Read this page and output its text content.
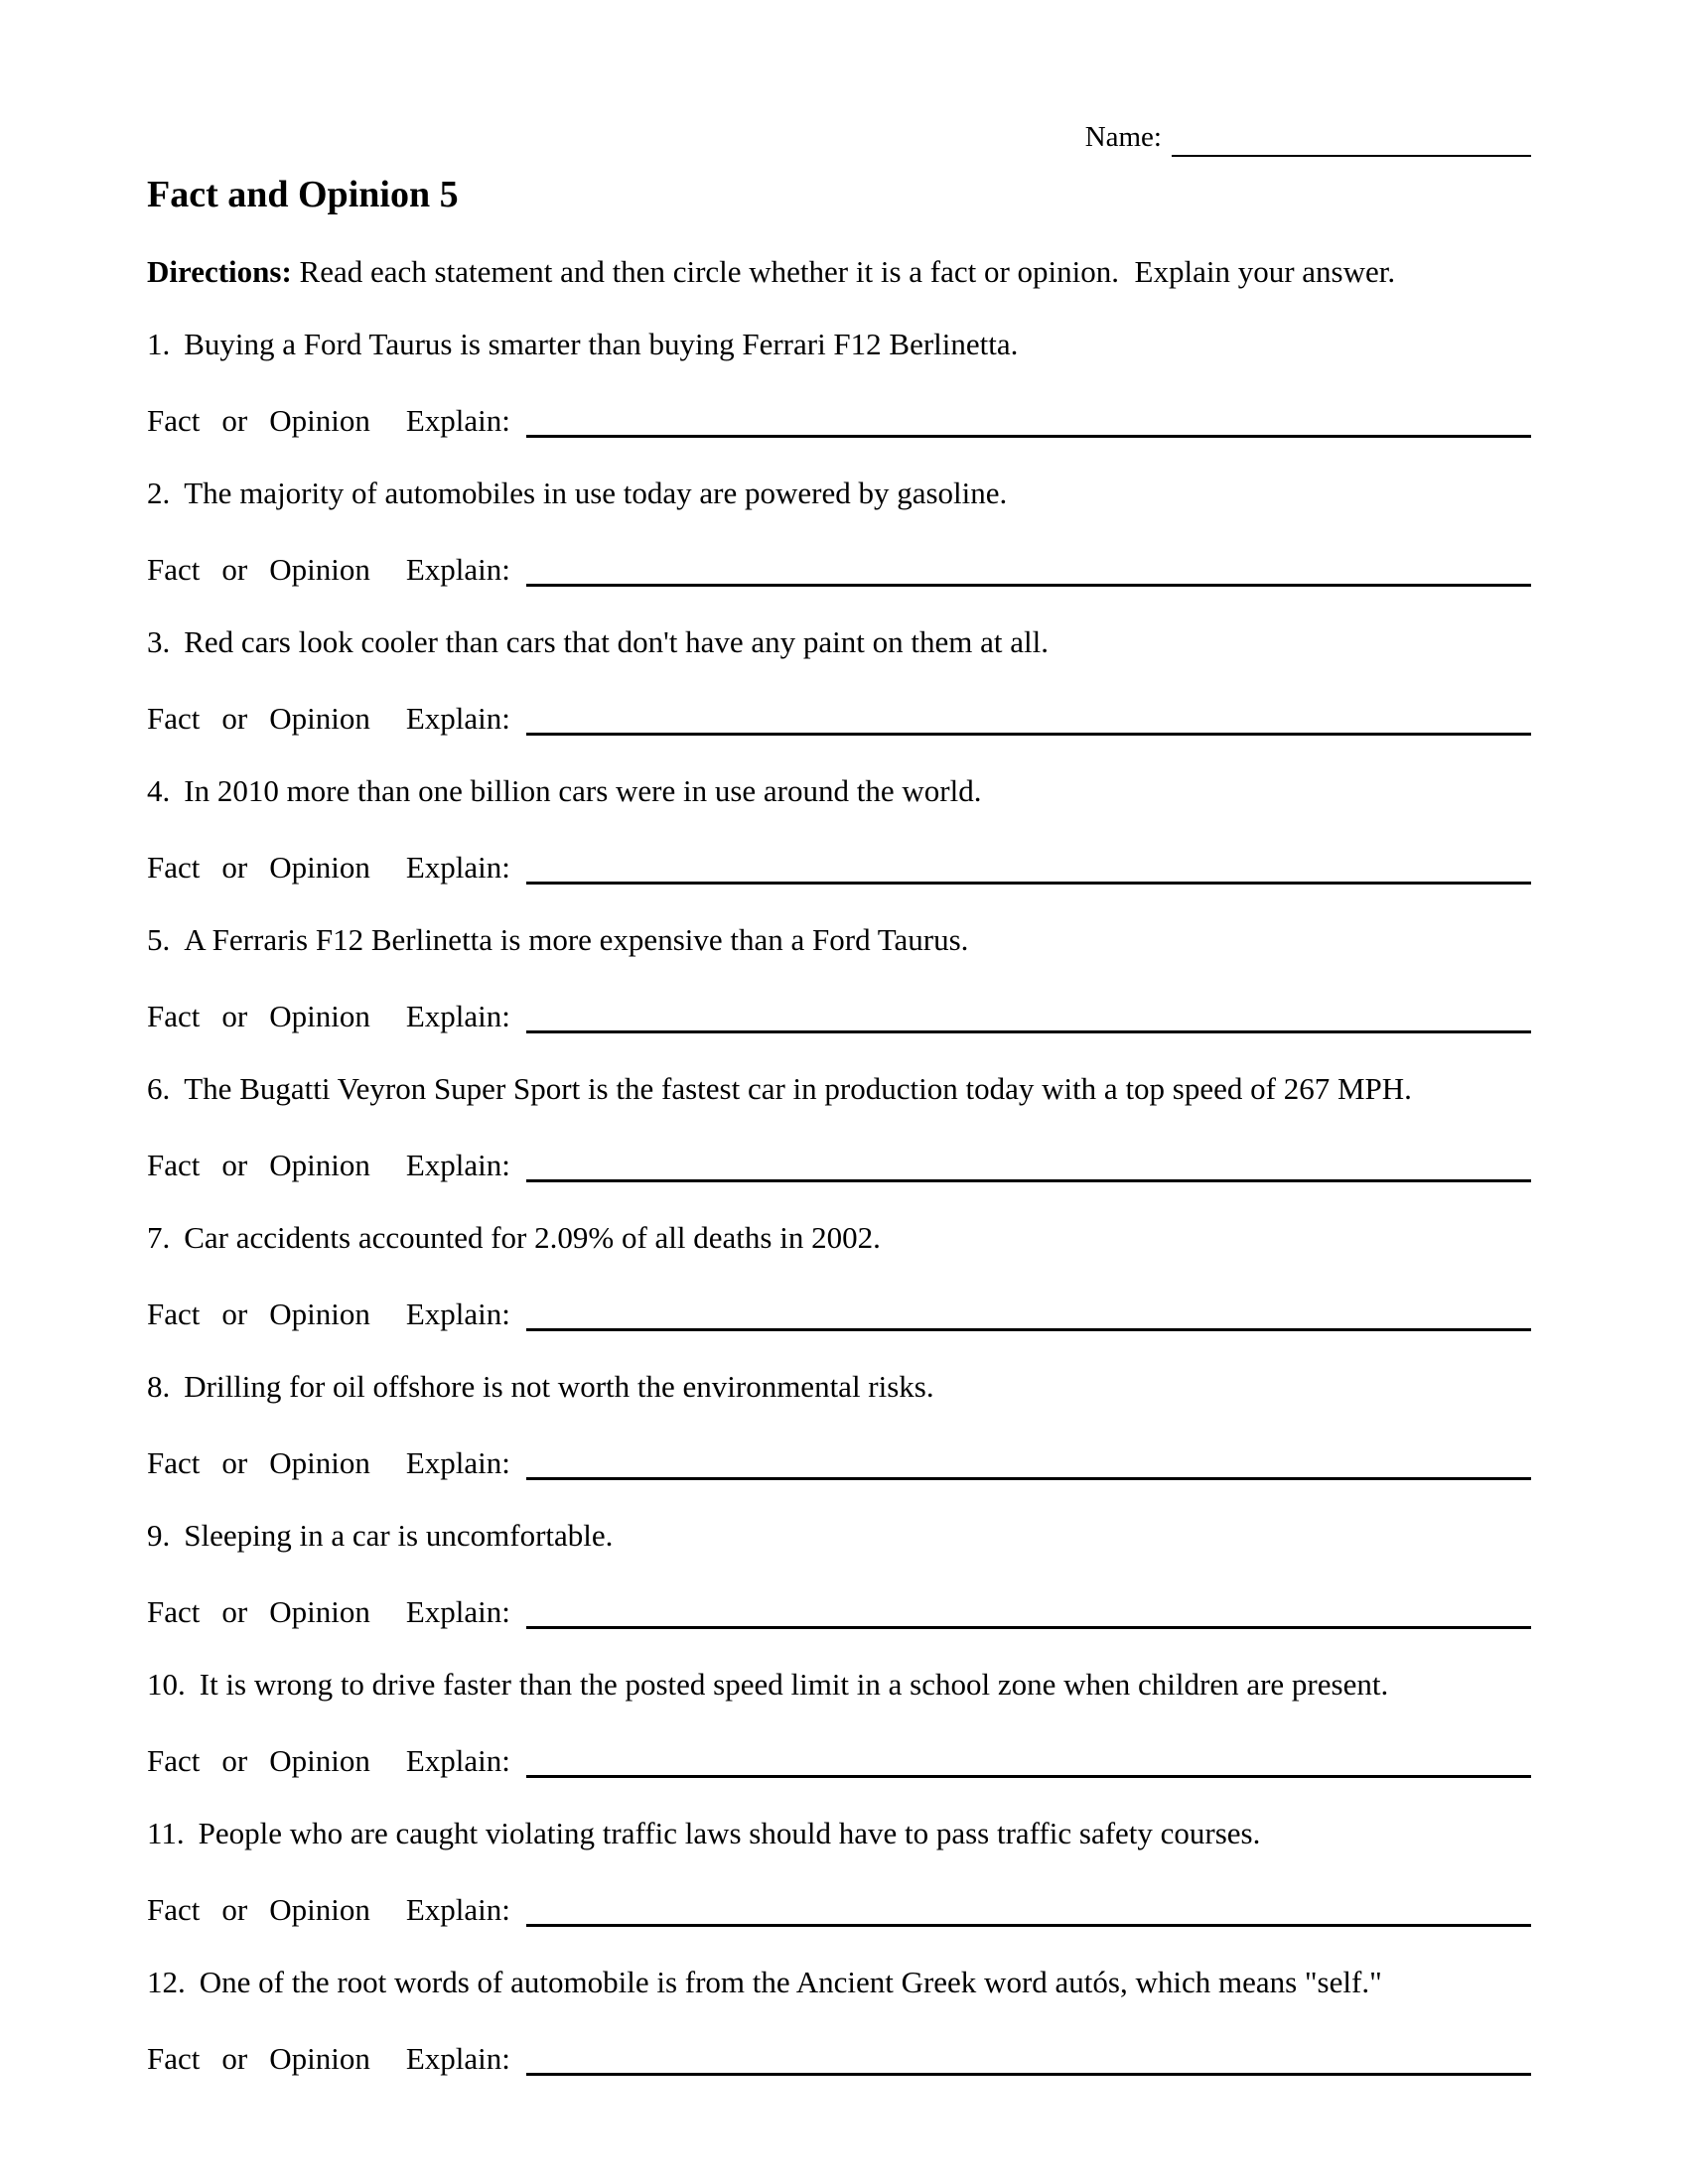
Name:
Fact and Opinion 5

Directions: Read each statement and then circle whether it is a fact or opinion.  Explain your answer.

1. Buying a Ford Taurus is smarter than buying Ferrari F12 Berlinetta.

Fact or Opinion Explain:

2. The majority of automobiles in use today are powered by gasoline.

Fact or Opinion Explain:

3. Red cars look cooler than cars that don't have any paint on them at all.

Fact or Opinion Explain:

4. In 2010 more than one billion cars were in use around the world.

Fact or Opinion Explain:

5. A Ferraris F12 Berlinetta is more expensive than a Ford Taurus.

Fact or Opinion Explain:

6. The Bugatti Veyron Super Sport is the fastest car in production today with a top speed of 267 MPH.

Fact or Opinion Explain:

7. Car accidents accounted for 2.09% of all deaths in 2002.

Fact or Opinion Explain:

8. Drilling for oil offshore is not worth the environmental risks.

Fact or Opinion Explain:

9. Sleeping in a car is uncomfortable.

Fact or Opinion Explain:

10. It is wrong to drive faster than the posted speed limit in a school zone when children are present.

Fact or Opinion Explain:

11. People who are caught violating traffic laws should have to pass traffic safety courses.

Fact or Opinion Explain:

12. One of the root words of automobile is from the Ancient Greek word autós, which means "self."

Fact or Opinion Explain:
